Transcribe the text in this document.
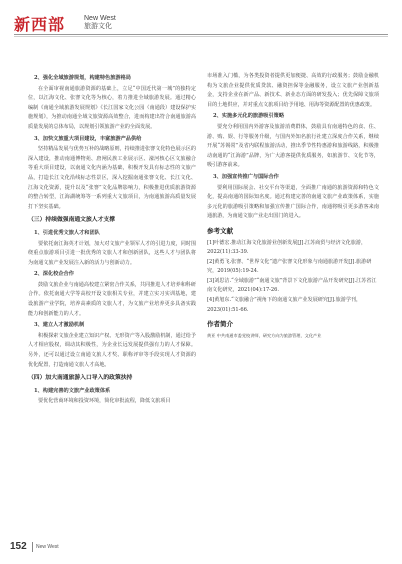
新西部	New West
旅游文化
2、强化全域旅游规划，构建特色旅游格局
在全面审视南通旅游资源的基础上，立足“中国近代第一城”的独特定位，以江海文化、张謇文化等为核心，着力推进全域旅游发展。通过精心编制《南通全域旅游发展规划》《长江国家文化公园（南通段）建设保护实施规划》，为推动南通全域文旅资源高效整合，进而构建出符合南通旅游高质量发展的总体布局，以规划引领旅游产业的全面发展。
3、加快文旅重大项目建设，丰富旅游产品供给
坚持精品发展与优势互补的战略原则，持续推进张謇文化特色展示区的深入建设，推动南通博物苑、唐闸民族工业展示区、濠河核心区文旅融合等重大项目建设，以南通文化内涵为基础，积极开发具有标志性的文旅产品，打造长江文化沿线标志性景区，深入挖掘南通张謇文化、长江文化、江海文化资源，提升以及“张謇”文化品牌影响力，积极推进优质旅游资源的整合转型，江海湖统筹等一系列重大文旅项目，为南通旅游高质量发展打下坚实基础。
（三）持续做强南通文旅人才支撑
1、引进优秀文旅人才和团队
要依托南江海英才计划，加大对文旅产业领军人才的引进力度，同时围绕重点旅游项目引进一批优秀的文旅人才和创新团队，这些人才与团队将为南通文旅产业发展注入新的活力与创新动力。
2、深化校企合作
鼓励文旅企业与南通高校建立紧密合作关系，共同推进人才培养和科研合作。依托南通大学等高校开设文旅相关专业，并建立实习实训基地，建设旅游产业学院，培养高素质的文旅人才，为文旅产业培养更多具备实践能力和创新能力的人才。
3、建立人才激励机制
积极探索文旅企业建立知识产权、无形资产等入股激励机制，通过给予人才相应股权，调动其积极性，为企业长远发展提供强有力的人才保障。另外，还可以通过设立南通文旅人才奖、职称评审等手段实现人才资源的优化配置，打造南通文旅人才高地。
（四）加大南通旅游入口导入的政策扶持
1、构建完善的文旅产业政策体系
要优化营商环境和投资环境，简化审批流程，降低文旅项目
市场准入门槛，为各类投资者提供更加便捷、高效的行政服务；鼓励金融机构为文旅企业提供优质贷款、融资担保等金融服务，设立文旅产业创新基金，支持企业在新产品、新技术、新业态方面的研发投入；优先保障文旅项目的土地供应，并对重点文旅项目给予用地、用海等资源配置的优惠政策。
2、实施多元化的旅游吸引策略
要充分利用国内外游客及旅游消费群体，鼓励具有南通特色的食、住、游、购、娱、行等服务升级，与国内外知名旅行社建立深度合作关系，继续开展“苏锡常”及省内联程旅游活动，推出季节性特惠游和旅游线路，积极推动南通的“江海游”品牌，为广大游客提供优质服务，如旅游节、文化节等，吸引游客前来。
3、加强宣传推广与国际合作
要利用国际展会、社交平台等渠道，全面推广南通的旅游资源和特色文化，提高南通的国际知名度。通过构建完善的南通文旅产业政策体系，实施多元化的旅游吸引策略和加强宣传推广国际合作，南通将吸引更多游客来南通旅游，为南通文旅产业走出国门的进入。
参考文献
[1]叶德宏.推动江海文化旅游业创新发展[J].江苏商贸与经济文化旅游，2022(11):33-39.
[2]黄勇飞.张謇、“世界文化”遗产张謇文化形象与南通旅游开发[J].旅游研究，2019(05):19-24.
[3]刘思洁.“全域旅游”“南通文旅”背景下文化旅游产品开发研究[J].江苏省江南文化研究，2021(04):17-26.
[4]黄旭东.“文旅融合”视角下的南通文旅产业发展研究[J].旅游学刊，2023(01):51-66.
作者简介
黄亚 中共南通市委党校讲师，研究方向为旅游管理、文化产业
152 New West
